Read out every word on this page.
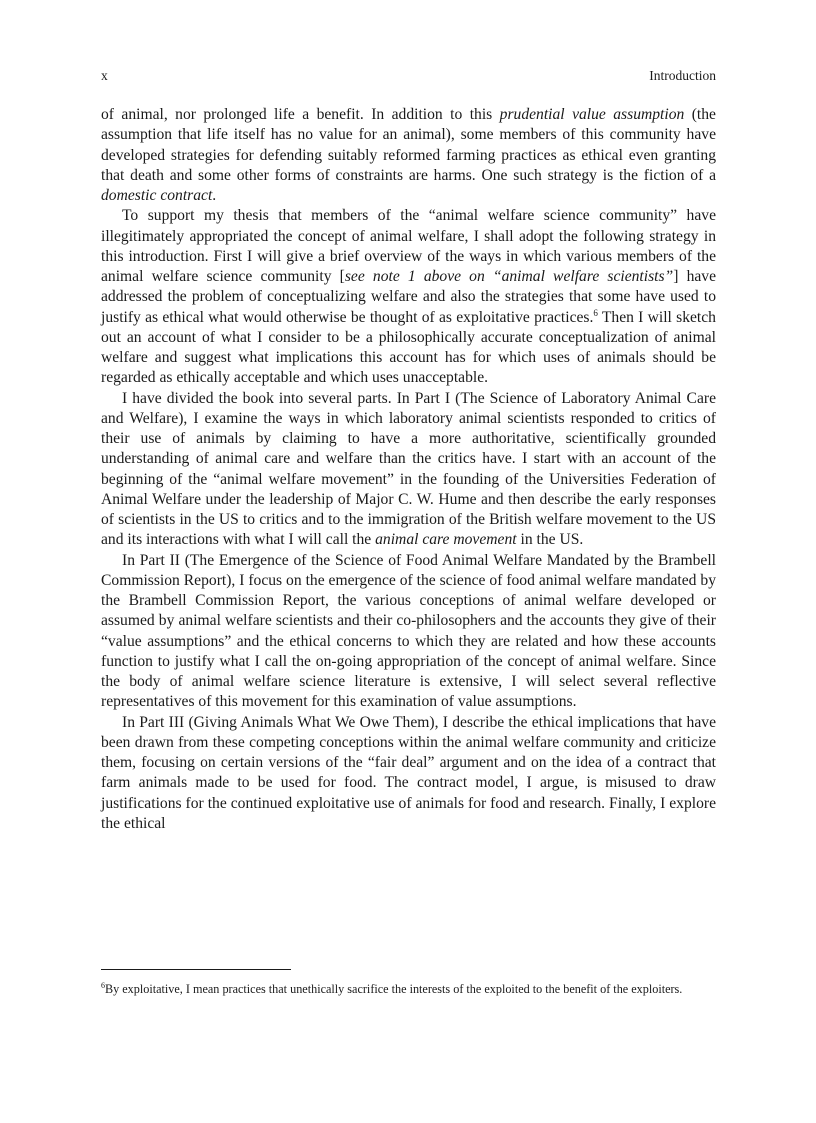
x	Introduction

of animal, nor prolonged life a benefit. In addition to this prudential value assumption (the assumption that life itself has no value for an animal), some members of this community have developed strategies for defending suitably reformed farming practices as ethical even granting that death and some other forms of constraints are harms. One such strategy is the fiction of a domestic contract.

To support my thesis that members of the “animal welfare science community” have illegitimately appropriated the concept of animal welfare, I shall adopt the following strategy in this introduction. First I will give a brief overview of the ways in which various members of the animal welfare science community [see note 1 above on “animal welfare scientists”] have addressed the problem of conceptualizing welfare and also the strategies that some have used to justify as ethical what would otherwise be thought of as exploitative practices.$^6$ Then I will sketch out an account of what I consider to be a philosophically accurate conceptualization of animal welfare and suggest what implications this account has for which uses of animals should be regarded as ethically acceptable and which uses unacceptable.

I have divided the book into several parts. In Part I (The Science of Laboratory Animal Care and Welfare), I examine the ways in which laboratory animal scientists responded to critics of their use of animals by claiming to have a more authoritative, scientifically grounded understanding of animal care and welfare than the critics have. I start with an account of the beginning of the “animal welfare movement” in the founding of the Universities Federation of Animal Welfare under the leadership of Major C. W. Hume and then describe the early responses of scientists in the US to critics and to the immigration of the British welfare movement to the US and its interactions with what I will call the animal care movement in the US.

In Part II (The Emergence of the Science of Food Animal Welfare Mandated by the Brambell Commission Report), I focus on the emergence of the science of food animal welfare mandated by the Brambell Commission Report, the various conceptions of animal welfare developed or assumed by animal welfare scientists and their co-philosophers and the accounts they give of their “value assumptions” and the ethical concerns to which they are related and how these accounts function to justify what I call the on-going appropriation of the concept of animal welfare. Since the body of animal welfare science literature is extensive, I will select several reflective representatives of this movement for this examination of value assumptions.

In Part III (Giving Animals What We Owe Them), I describe the ethical implications that have been drawn from these competing conceptions within the animal welfare community and criticize them, focusing on certain versions of the “fair deal” argument and on the idea of a contract that farm animals made to be used for food. The contract model, I argue, is misused to draw justifications for the continued exploitative use of animals for food and research. Finally, I explore the ethical

$^6$By exploitative, I mean practices that unethically sacrifice the interests of the exploited to the benefit of the exploiters.
